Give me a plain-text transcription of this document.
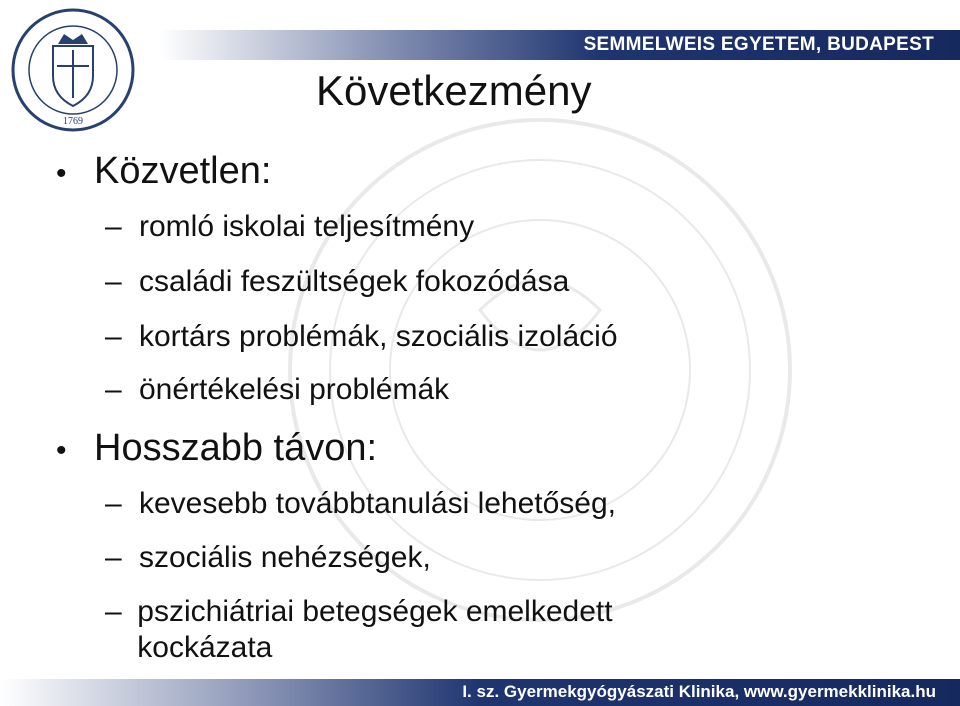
SEMMELWEIS EGYETEM, BUDAPEST
1769
Következmény
• Közvetlen:
– romló iskolai teljesítmény
– családi feszültségek fokozódása
– kortárs problémák, szociális izoláció
– önértékelési problémák
• Hosszabb távon:
– kevesebb továbbtanulási lehetőség,
– szociális nehézségek,
– pszichiátriai betegségek emelkedett kockázata
I. sz. Gyermekgyógyászati Klinika, www.gyermekklinika.hu
